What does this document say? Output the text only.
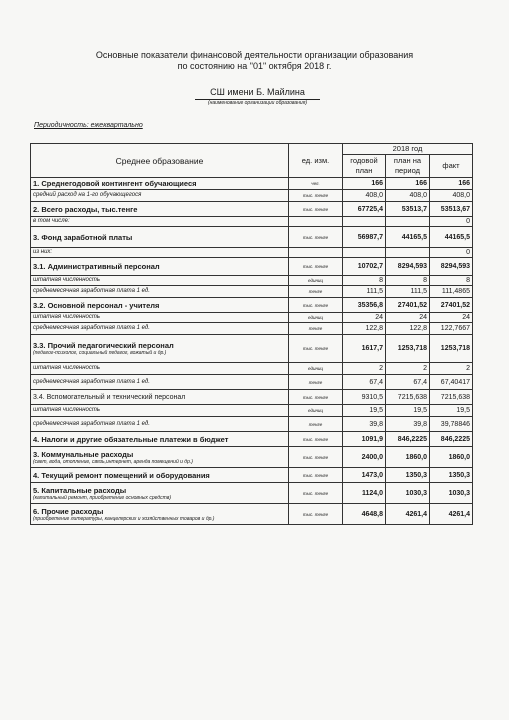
Основные показатели финансовой деятельности организации образования
по состоянию на "01" октября 2018 г.
СШ имени Б. Майлина
(наименование организации образования)
Периодичность: ежеквартально
Среднее образование	ед. изм.	2018 год		
		годовой план	план на период	факт
1. Среднегодовой контингент обучающиеся	чел.	166	166	166
средний расход на 1-го обучающегося	тыс. тенге	408,0	408,0	408,0
2. Всего расходы, тыс.тенге	тыс. тенге	67725,4	53513,7	53513,67
в том числе:				0
3. Фонд заработной платы	тыс. тенге	56987,7	44165,5	44165,5
из них:				0
3.1. Административный персонал	тыс. тенге	10702,7	8294,593	8294,593
штатная численность	единиц	8	8	8
среднемесячная заработная плата 1 ед.	тенге	111,5	111,5	111,4865
3.2. Основной персонал - учителя	тыс. тенге	35356,8	27401,52	27401,52
штатная численность	единиц	24	24	24
среднемесячная заработная плата 1 ед.	тенге	122,8	122,8	122,7667
3.3. Прочий педагогический персонал
(педагог-психолог, социальный педагог, вожатый и др.)	тыс. тенге	1617,7	1253,718	1253,718
штатная численность	единиц	2	2	2
среднемесячная заработная плата 1 ед.	тенге	67,4	67,4	67,40417
3.4. Вспомогательный и технический персонал	тыс. тенге	9310,5	7215,638	7215,638
штатная численность	единиц	19,5	19,5	19,5
среднемесячная заработная плата 1 ед.	тенге	39,8	39,8	39,78846
4. Налоги и другие обязательные платежи в бюджет	тыс. тенге	1091,9	846,2225	846,2225
3. Коммунальные расходы
(свет, вода, отопление, связь,интернет, аренда помещений и др.)	тыс. тенге	2400,0	1860,0	1860,0
4. Текущий ремонт помещений и оборудования	тыс. тенге	1473,0	1350,3	1350,3
5. Капитальные расходы
(капитальный ремонт, приобретение основных средств)	тыс. тенге	1124,0	1030,3	1030,3
6. Прочие расходы
(приобретение литературы, канцелярских и хозяйственных товаров и др.)	тыс. тенге	4648,8	4261,4	4261,4
